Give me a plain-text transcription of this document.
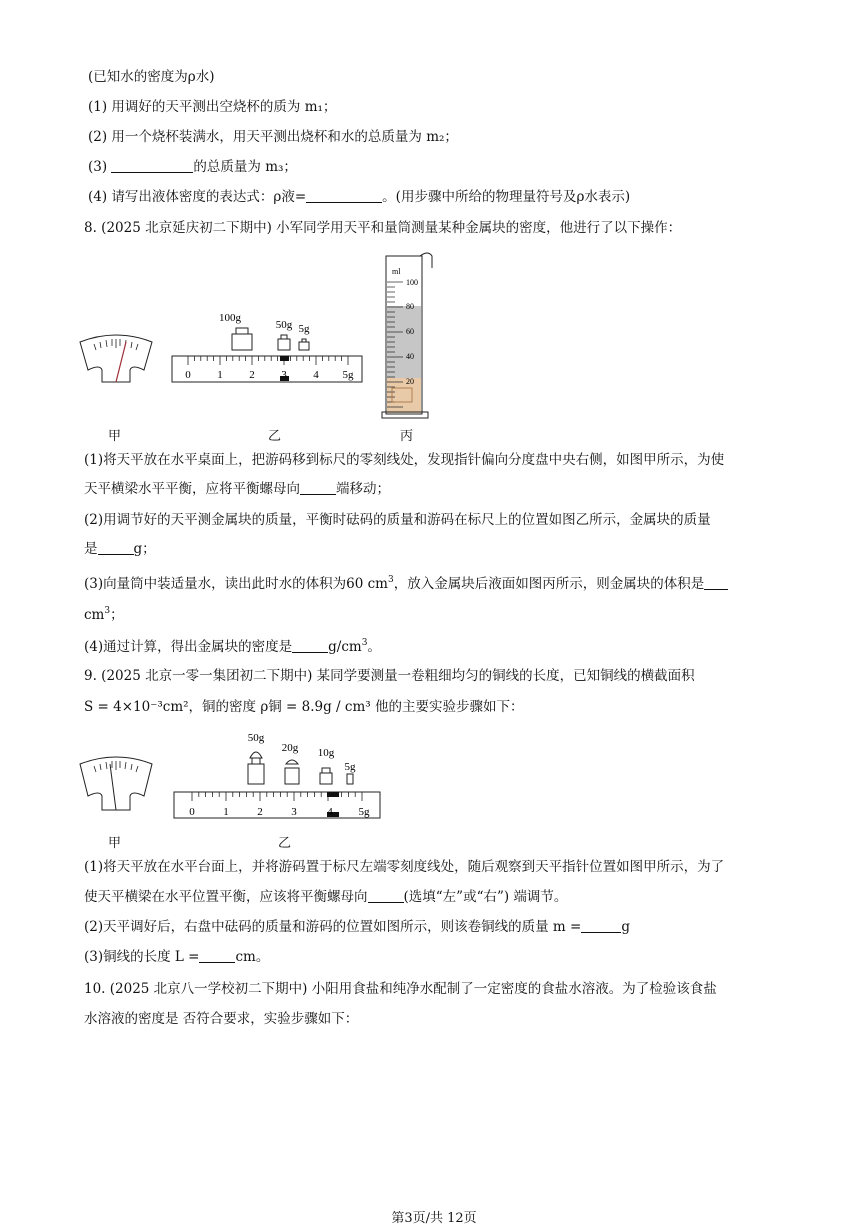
(已知水的密度为ρ水)
(1) 用调好的天平测出空烧杯的质为 m₁；
(2) 用一个烧杯装满水，用天平测出烧杯和水的总质量为 m₂；
(3)	的总质量为 m₃；
(4) 请写出液体密度的表达式：ρ液=	。(用步骤中所给的物理量符号及ρ水表示)
8. (2025 北京延庆初二下期中) 小军同学用天平和量筒测量某种金属块的密度，他进行了以下操作：
甲
100g
50g 5g
0 1 2 3 4 5g
乙
ml
100
80
60
40
20
丙
(1)将天平放在水平桌面上，把游码移到标尺的零刻线处，发现指针偏向分度盘中央右侧，如图甲所示，为使
天平横梁水平平衡，应将平衡螺母向	端移动；
(2)用调节好的天平测金属块的质量，平衡时砝码的质量和游码在标尺上的位置如图乙所示，金属块的质量
是	g；
(3)向量筒中装适量水，读出此时水的体积为60 $cm^3$，放入金属块后液面如图丙所示，则金属块的体积是
$cm^3$；
(4)通过计算，得出金属块的密度是	$g/cm^3$。
9. (2025 北京一零一集团初二下期中) 某同学要测量一卷粗细均匀的铜线的长度，已知铜线的横截面积
S = 4×10⁻³cm²，铜的密度 ρ铜 = 8.9g / cm³ 他的主要实验步骤如下：
甲
50g
20g 10g
5g
0	1	2	3	4 5g
乙
(1)将天平放在水平台面上，并将游码置于标尺左端零刻度线处，随后观察到天平指针位置如图甲所示，为了
使天平横梁在水平位置平衡，应该将平衡螺母向	(选填“左”或“右”) 端调节。
(2)天平调好后，右盘中砝码的质量和游码的位置如图所示，则该卷铜线的质量 m =	g
(3)铜线的长度 L =	cm。
10. (2025 北京八一学校初二下期中) 小阳用食盐和纯净水配制了一定密度的食盐水溶液。为了检验该食盐
水溶液的密度是 否符合要求，实验步骤如下：
第3页/共 12页
